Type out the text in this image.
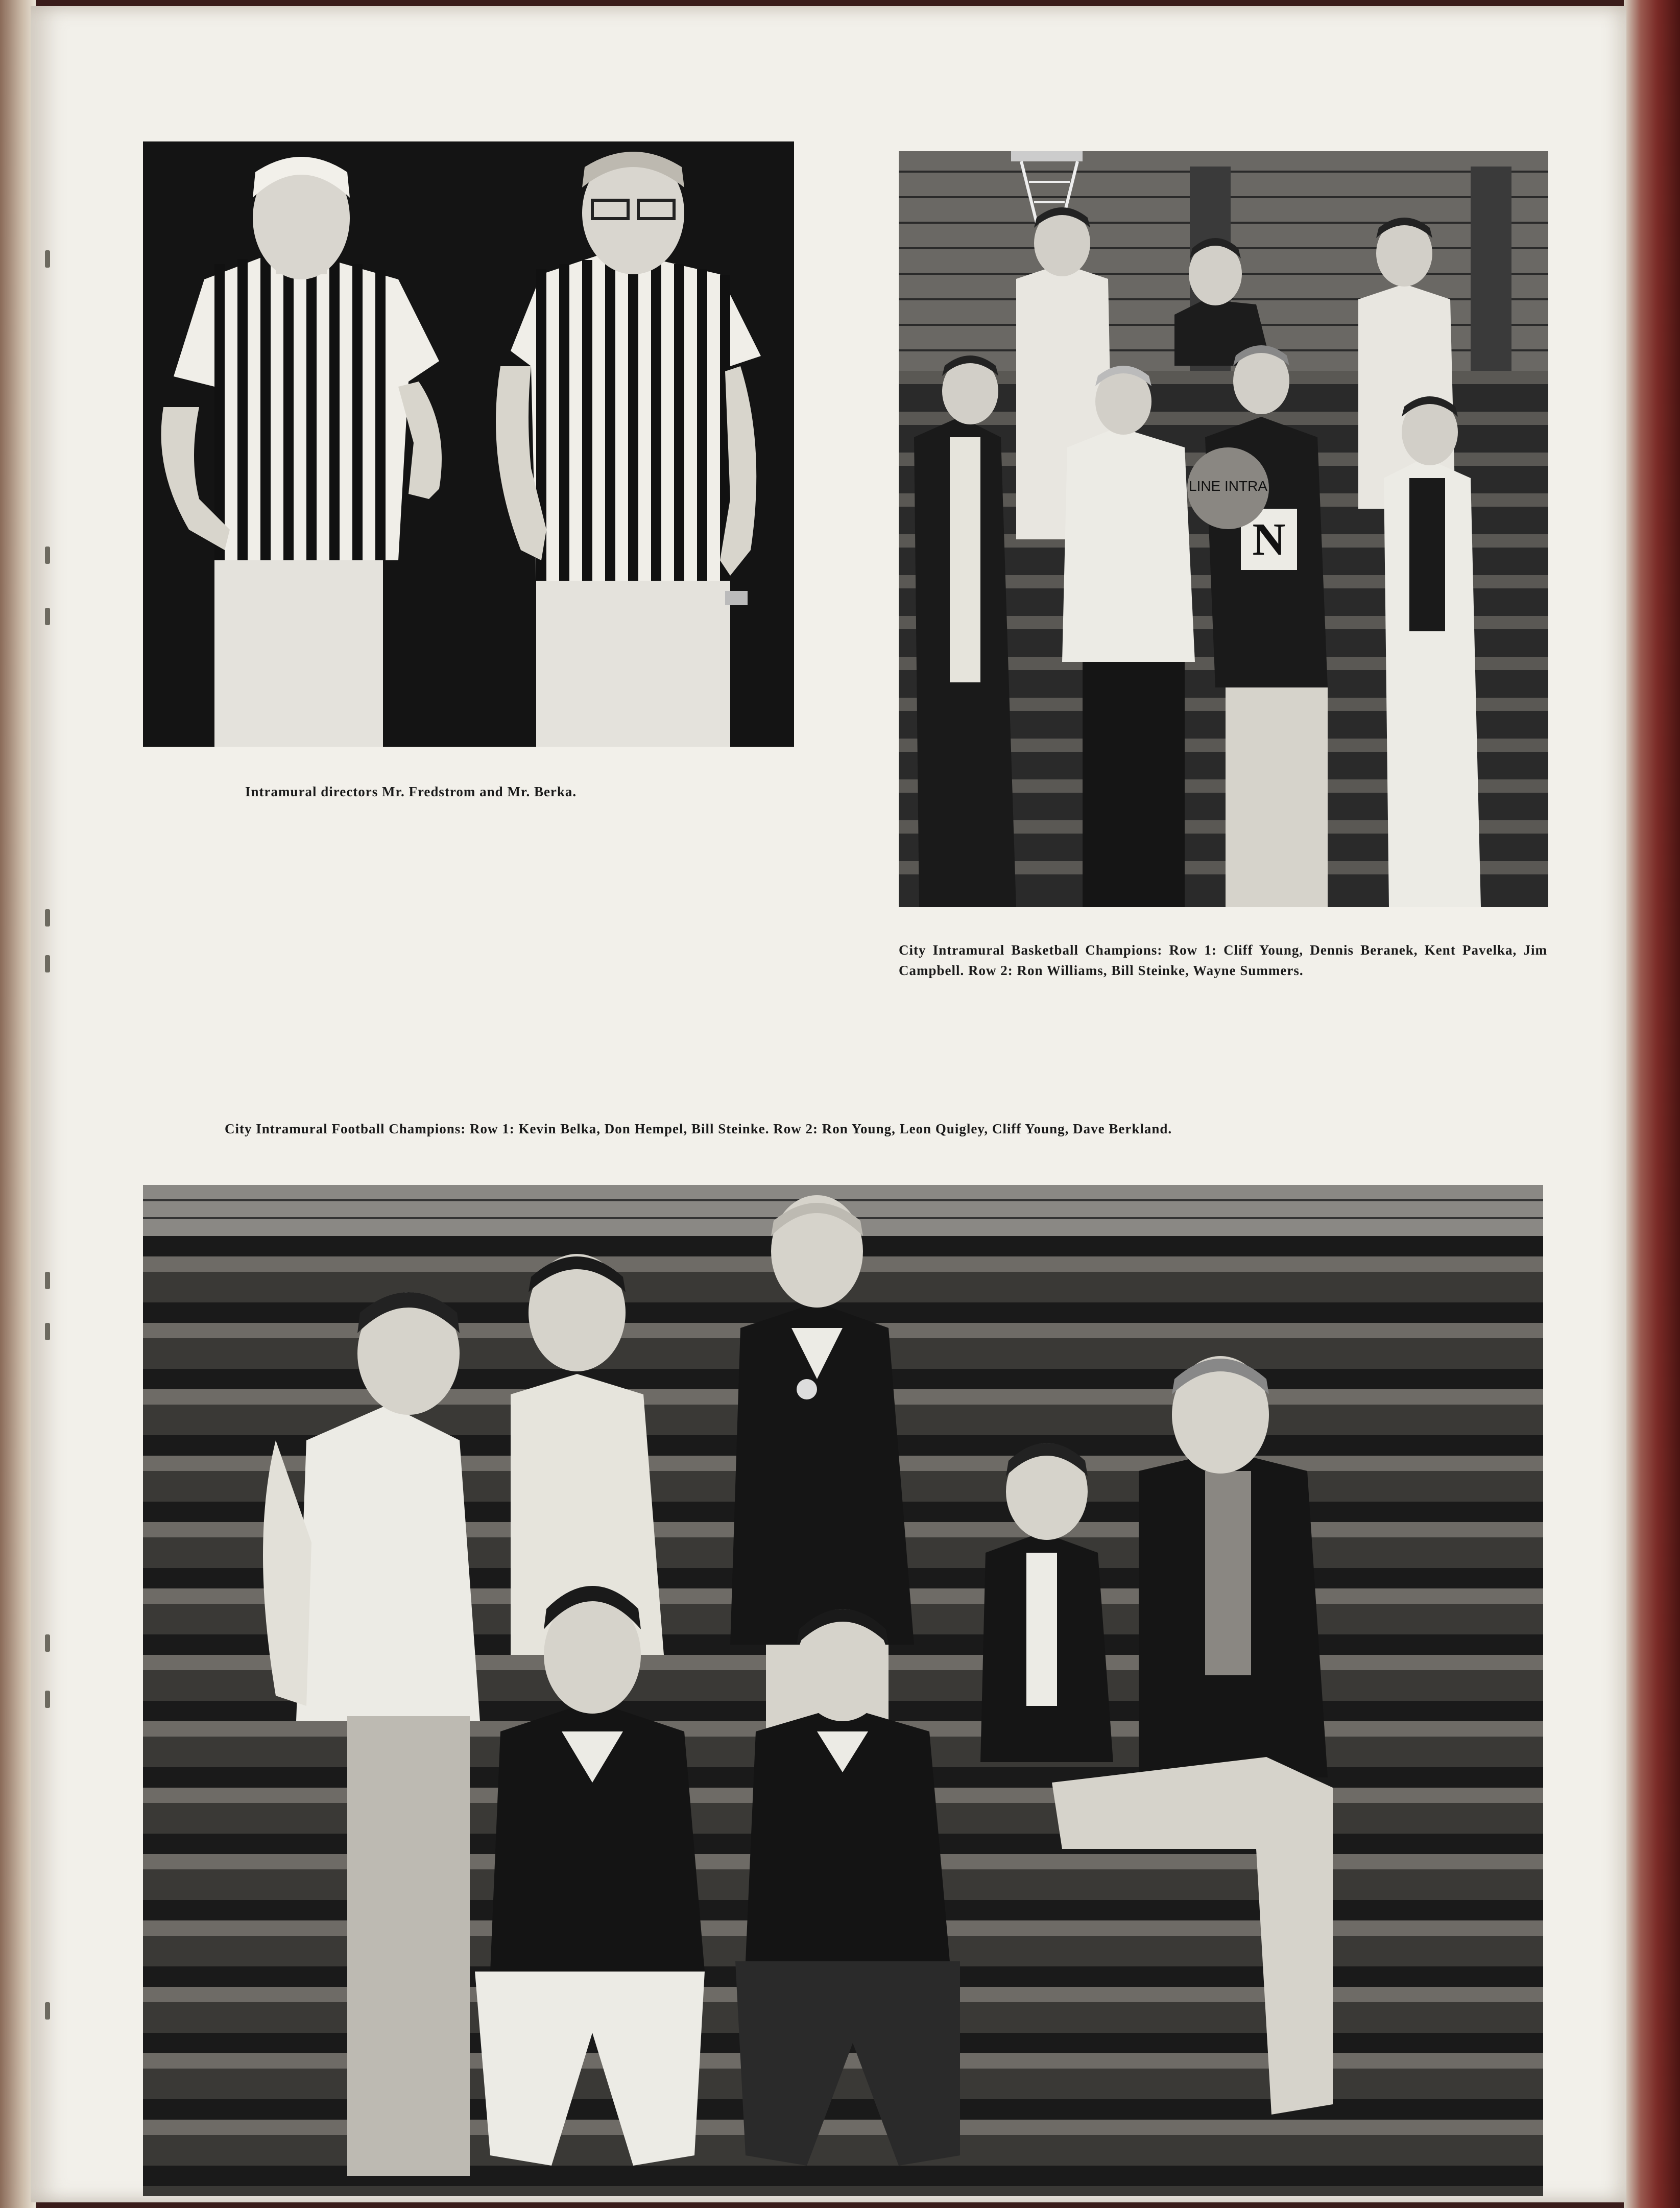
Intramural directors Mr. Fredstrom and Mr. Berka.
N
LINE INTRA
City Intramural Basketball Champions: Row 1: Cliff Young, Dennis Beranek, Kent Pavelka, Jim Campbell. Row 2: Ron Williams, Bill Steinke, Wayne Summers.
City Intramural Football Champions: Row 1: Kevin Belka, Don Hempel, Bill Steinke. Row 2: Ron Young, Leon Quigley, Cliff Young, Dave Berkland.
